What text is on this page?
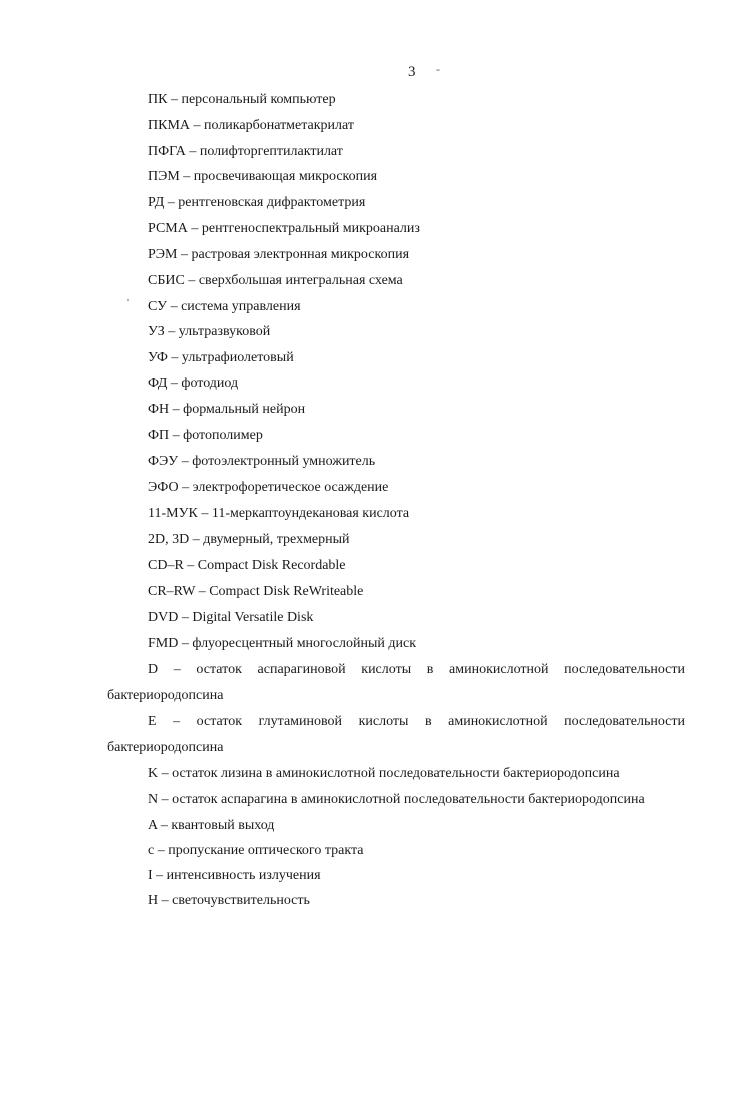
3 -
'
ПК – персональный компьютер
ПКМА – поликарбонатметакрилат
ПФГА – полифторгептилактилат
ПЭМ – просвечивающая микроскопия
РД – рентгеновская дифрактометрия
РСМА – рентгеноспектральный микроанализ
РЭМ – растровая электронная микроскопия
СБИС – сверхбольшая интегральная схема
СУ – система управления
УЗ – ультразвуковой
УФ – ультрафиолетовый
ФД – фотодиод
ФН – формальный нейрон
ФП – фотополимер
ФЭУ – фотоэлектронный умножитель
ЭФО – электрофоретическое осаждение
11-МУК – 11-меркаптоундекановая кислота
2D, 3D – двумерный, трехмерный
CD–R – Compact Disk Recordable
CR–RW – Compact Disk ReWriteable
DVD – Digital Versatile Disk
FMD – флуоресцентный многослойный диск
D – остаток аспарагиновой кислоты в аминокислотной последовательности
бактериородопсина
E – остаток глутаминовой кислоты в аминокислотной последовательности
бактериородопсина
K – остаток лизина в аминокислотной последовательности бактериородопсина
N – остаток аспарагина в аминокислотной последовательности бактериородопсина
A – квантовый выход
c – пропускание оптического тракта
I – интенсивность излучения
H – светочувствительность
